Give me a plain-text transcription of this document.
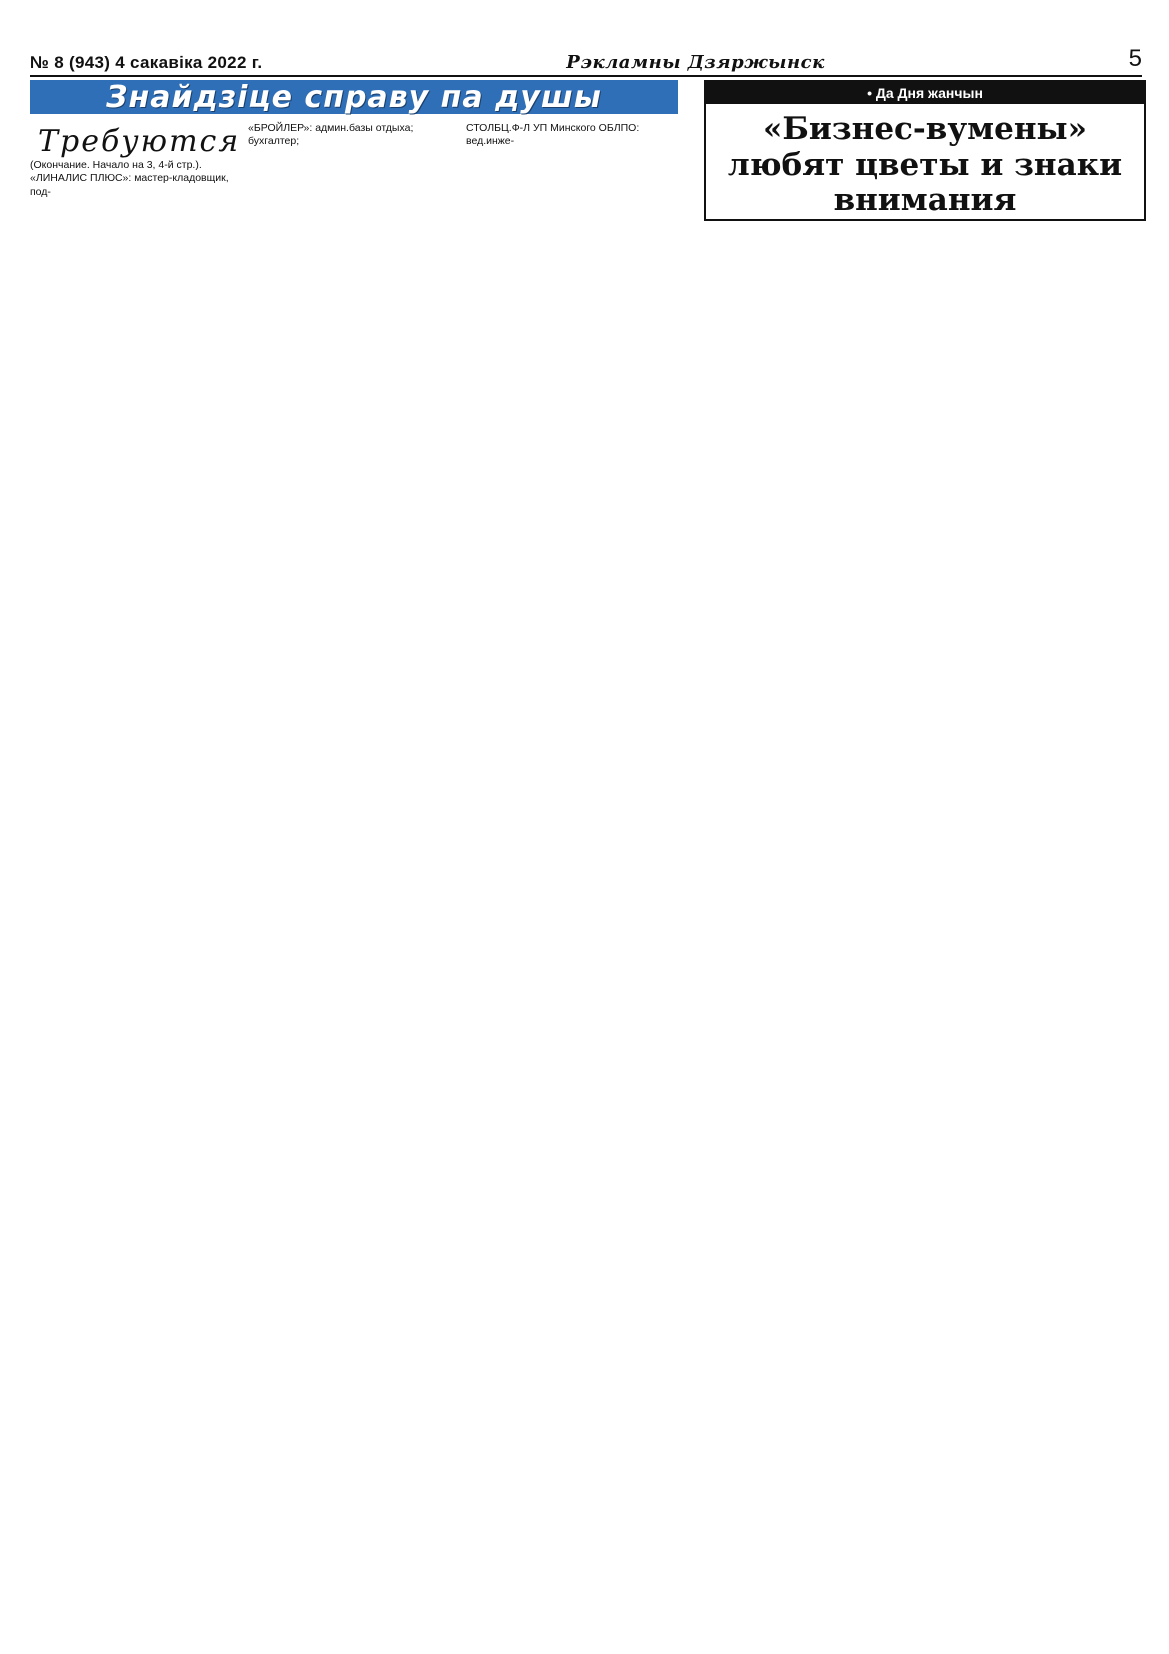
№ 8 (943) 4 сакавіка 2022 г.	Рэкламны Дзяржынск	5
Знайдзіце справу па душы
Требуются
(Окончание. Начало на 3, 4-й стр.).
«ЛИНАЛИС ПЛЮС»: мастер-кладовщик, под-
«БРОЙЛЕР»: админ.базы отдыха; бухгалтер;
СТОЛБЦ.Ф-Л УП Минского ОБЛПО: вед.инже-
• Да Дня жанчын
«Бизнес-вумены» любят цветы и знаки внимания
